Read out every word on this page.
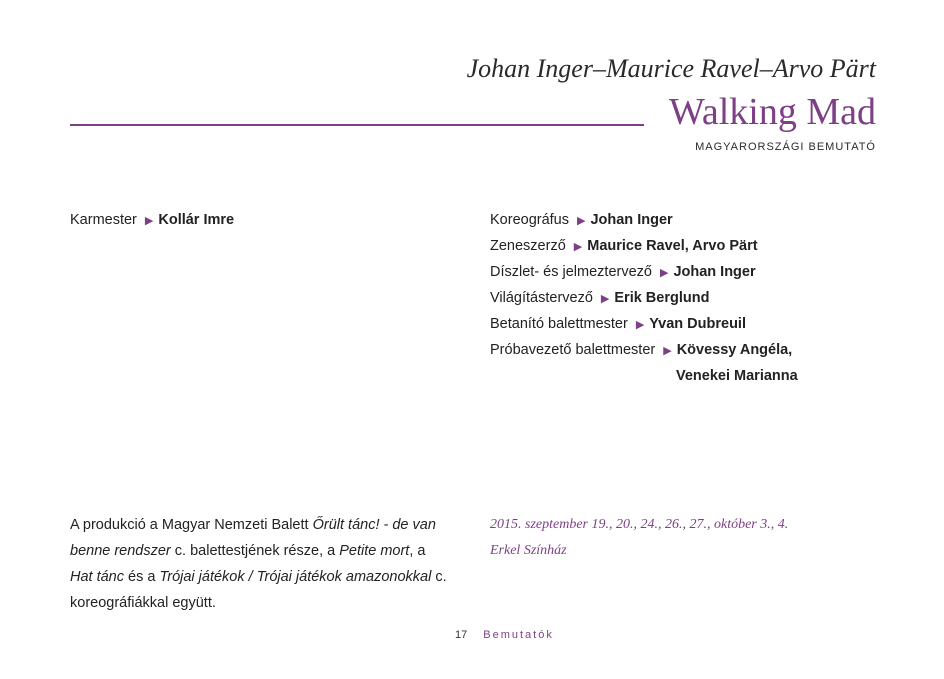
Johan Inger–Maurice Ravel–Arvo Pärt
Walking Mad
MAGYARORSZÁGI BEMUTATÓ
Karmester ▶ Kollár Imre	Koreográfus ▶ Johan Inger
Zeneszerző ▶ Maurice Ravel, Arvo Pärt
Díszlet- és jelmeztervező ▶ Johan Inger
Világítástervező ▶ Erik Berglund
Betanító balettmester ▶ Yvan Dubreuil
Próbavezető balettmester ▶ Kövessy Angéla,
Venekei Marianna
A produkció a Magyar Nemzeti Balett Őrült tánc! - de van benne rendszer c. balettestjének része, a Petite mort, a Hat tánc és a Trójai játékok / Trójai játékok amazonokkal c. koreográfiákkal együtt.
2015. szeptember 19., 20., 24., 26., 27., október 3., 4.
Erkel Színház
17 Bemutatók
